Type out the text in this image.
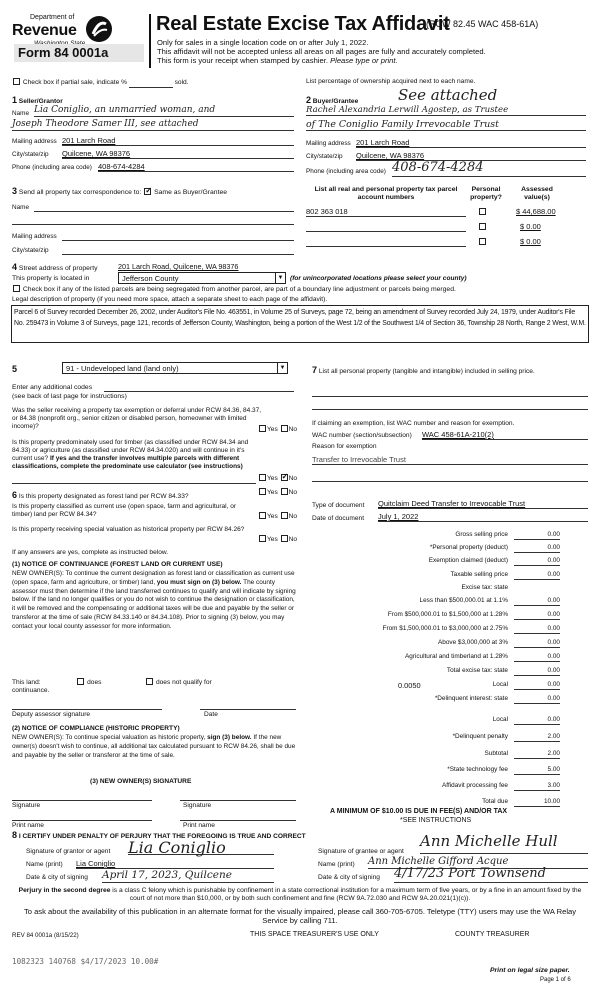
Department of
Revenue
Form 84 0001a
Real Estate Excise Tax Affidavit
(RCW 82.45 WAC 458-61A)
Only for sales in a single location code on or after July 1, 2022.
This affidavit will not be accepted unless all areas on all pages are fully and accurately completed.
This form is your receipt when stamped by cashier. Please type or print.
Check box if partial sale, indicate %	sold.	List percentage of ownership acquired next to each name.
1 Seller/Grantor
Name Lia Coniglio, an unmarried woman, and
Joseph Theodore Samer III, see attached
Mailing address 201 Larch Road
City/state/zip Quilcene, WA 98376
Phone (including area code) 408-674-4284
2 Buyer/Grantee	See attached
Rachel Alexandria Lerwill Agostep, as Trustee
of The Coniglio Family Irrevocable Trust
Mailing address 201 Larch Road
City/state/zip Quilcene, WA 98376
Phone (including area code) 408-674-4284
3 Send all property tax correspondence to: ✓ Same as Buyer/Grantee
Name
Mailing address
City/state/zip
List all real and personal property tax parcel account numbers
Personal property?
Assessed value(s)
802 363 018	$ 44,688.00
$ 0.00
$ 0.00
4 Street address of property	201 Larch Road, Quilcene, WA 98376
This property is located in	Jefferson County	▼ (for unincorporated locations please select your county)
Check box if any of the listed parcels are being segregated from another parcel, are part of a boundary line adjustment or parcels being merged.
Legal description of property (if you need more space, attach a separate sheet to each page of the affidavit).
Parcel 6 of Survey recorded December 26, 2002, under Auditor's File No. 463551, in Volume 25 of Surveys, page 72, being an amendment of Survey recorded July 24, 1979, under Auditor's File No. 259473 in Volume 3 of Surveys, page 121, records of Jefferson County, Washington, being a portion of the West 1/2 of the Southwest 1/4 of Section 36, Township 28 North, Range 2 West, W.M.
5	91 - Undeveloped land (land only)	▼
Enter any additional codes
(see back of last page for instructions)
Was the seller receiving a property tax exemption or deferral under RCW 84.36, 84.37, or 84.38 (nonprofit org., senior citizen or disabled person, homeowner with limited income)?	Yes No
Is this property predominately used for timber (as classified under RCW 84.34 and 84.33) or agriculture (as classified under RCW 84.34.020) and will continue in it's current use? If yes and the transfer involves multiple parcels with different classifications, complete the predominate use calculator (see instructions)
Yes ✓ No
6 Is this property designated as forest land per RCW 84.33?
Yes No
Is this property classified as current use (open space, farm and agricultural, or timber) land per RCW 84.34?	Yes No
Is this property receiving special valuation as historical property per RCW 84.26?
Yes No
If any answers are yes, complete as instructed below.
(1) NOTICE OF CONTINUANCE (FOREST LAND OR CURRENT USE)
NEW OWNER(S): To continue the current designation as forest land or classification as current use (open space, farm and agriculture, or timber) land, you must sign on (3) below. The county assessor must then determine if the land transferred continues to qualify and will indicate by signing below. If the land no longer qualifies or you do not wish to continue the designation or classification, it will be removed and the compensating or additional taxes will be due and payable by the seller or transferor at the time of sale (RCW 84.33.140 or 84.34.108). Prior to signing (3) below, you may contact your local county assessor for more information.
This land:	does	does not qualify for
continuance.
Deputy assessor signature	Date
(2) NOTICE OF COMPLIANCE (HISTORIC PROPERTY)
NEW OWNER(S): To continue special valuation as historic property, sign (3) below. If the new owner(s) doesn't wish to continue, all additional tax calculated pursuant to RCW 84.26, shall be due and payable by the seller or transferor at the time of sale.
(3) NEW OWNER(S) SIGNATURE
Signature	Signature
Print name	Print name
7 List all personal property (tangible and intangible) included in selling price.
If claiming an exemption, list WAC number and reason for exemption.
WAC number (section/subsection) WAC 458-61A-210(2)
Reason for exemption
Transfer to Irrevocable Trust
Type of document Quitclaim Deed Transfer to Irrevocable Trust
Date of document July 1, 2022
Gross selling price	0.00
*Personal property (deduct)	0.00
Exemption claimed (deduct)	0.00
Taxable selling price	0.00
Excise tax: state
Less than $500,000.01 at 1.1%	0.00
From $500,000.01 to $1,500,000 at 1.28%	0.00
From $1,500,000.01 to $3,000,000 at 2.75%	0.00
Above $3,000,000 at 3%	0.00
Agricultural and timberland at 1.28%	0.00
Total excise tax: state	0.00
0.0050	Local	0.00
*Delinquent interest: state	0.00
Local	0.00
*Delinquent penalty	2.00
Subtotal	2.00
*State technology fee	5.00
Affidavit processing fee	3.00
Total due	10.00
A MINIMUM OF $10.00 IS DUE IN FEE(S) AND/OR TAX
*SEE INSTRUCTIONS
8 I CERTIFY UNDER PENALTY OF PERJURY THAT THE FOREGOING IS TRUE AND CORRECT
Signature of grantor or agent Lia Coniglio
Name (print) Lia Coniglio
Date & city of signing April 17, 2023, Quilcene
Signature of grantee or agent
Ann Michelle Hull
Name (print) Ann Michelle Gifford Acque
Date & city of signing 4/17/23 Port Townsend
Perjury in the second degree is a class C felony which is punishable by confinement in a state correctional institution for a maximum term of five years, or by a fine in an amount fixed by the court of not more than $10,000, or by both such confinement and fine (RCW 9A.72.030 and RCW 9A.20.021(1)(c)).
To ask about the availability of this publication in an alternate format for the visually impaired, please call 360-705-6705. Teletype (TTY) users may use the WA Relay Service by calling 711.
REV 84 0001a (8/15/22)	THIS SPACE TREASURER'S USE ONLY	COUNTY TREASURER
1082323 140768 $4/17/2023 10.00#
Print on legal size paper.
Page 1 of 6
